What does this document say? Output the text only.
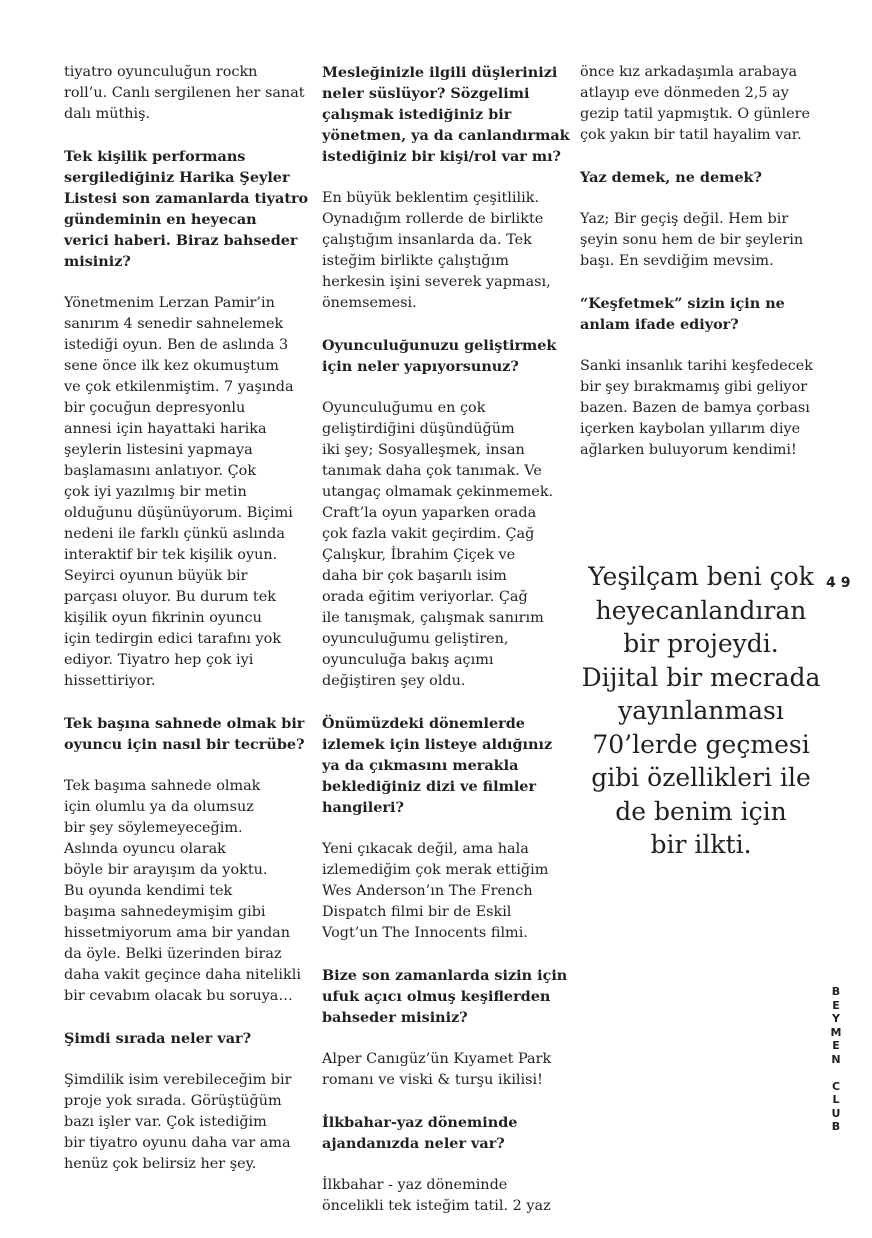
tiyatro oyunculuğun rockn
roll’u. Canlı sergilenen her sanat
dalı müthiş.

Tek kişilik performans
sergilediğiniz Harika Şeyler
Listesi son zamanlarda tiyatro
gündeminin en heyecan
verici haberi. Biraz bahseder
misiniz?

Yönetmenim Lerzan Pamir’in
sanırım 4 senedir sahnelemek
istediği oyun. Ben de aslında 3
sene önce ilk kez okumuştum
ve çok etkilenmiştim. 7 yaşında
bir çocuğun depresyonlu
annesi için hayattaki harika
şeylerin listesini yapmaya
başlamasını anlatıyor. Çok
çok iyi yazılmış bir metin
olduğunu düşünüyorum. Biçimi
nedeni ile farklı çünkü aslında
interaktif bir tek kişilik oyun.
Seyirci oyunun büyük bir
parçası oluyor. Bu durum tek
kişilik oyun fikrinin oyuncu
için tedirgin edici tarafını yok
ediyor. Tiyatro hep çok iyi
hissettiriyor.

Tek başına sahnede olmak bir
oyuncu için nasıl bir tecrübe?

Tek başıma sahnede olmak
için olumlu ya da olumsuz
bir şey söylemeyeceğim.
Aslında oyuncu olarak
böyle bir arayışım da yoktu.
Bu oyunda kendimi tek
başıma sahnedeymişim gibi
hissetmiyorum ama bir yandan
da öyle. Belki üzerinden biraz
daha vakit geçince daha nitelikli
bir cevabım olacak bu soruya…

Şimdi sırada neler var?

Şimdilik isim verebileceğim bir
proje yok sırada. Görüştüğüm
bazı işler var. Çok istediğim
bir tiyatro oyunu daha var ama
henüz çok belirsiz her şey.

Mesleğinizle ilgili düşlerinizi
neler süslüyor? Sözgelimi
çalışmak istediğiniz bir
yönetmen, ya da canlandırmak
istediğiniz bir kişi/rol var mı?

En büyük beklentim çeşitlilik.
Oynadığım rollerde de birlikte
çalıştığım insanlarda da. Tek
isteğim birlikte çalıştığım
herkesin işini severek yapması,
önemsemesi.

Oyunculuğunuzu geliştirmek
için neler yapıyorsunuz?

Oyunculuğumu en çok
geliştirdiğini düşündüğüm
iki şey; Sosyalleşmek, insan
tanımak daha çok tanımak. Ve
utangaç olmamak çekinmemek.
Craft’la oyun yaparken orada
çok fazla vakit geçirdim. Çağ
Çalışkur, İbrahim Çiçek ve
daha bir çok başarılı isim
orada eğitim veriyorlar. Çağ
ile tanışmak, çalışmak sanırım
oyunculuğumu geliştiren,
oyunculuğa bakış açımı
değiştiren şey oldu.

Önümüzdeki dönemlerde
izlemek için listeye aldığınız
ya da çıkmasını merakla
beklediğiniz dizi ve filmler
hangileri?

Yeni çıkacak değil, ama hala
izlemediğim çok merak ettiğim
Wes Anderson’ın The French
Dispatch filmi bir de Eskil
Vogt’un The Innocents filmi.

Bize son zamanlarda sizin için
ufuk açıcı olmuş keşiflerden
bahseder misiniz?

Alper Canıgüz’ün Kıyamet Park
romanı ve viski & turşu ikilisi!

İlkbahar-yaz döneminde
ajandanızda neler var?

İlkbahar - yaz döneminde
öncelikli tek isteğim tatil. 2 yaz

önce kız arkadaşımla arabaya
atlayıp eve dönmeden 2,5 ay
gezip tatil yapmıştık. O günlere
çok yakın bir tatil hayalim var.

Yaz demek, ne demek?

Yaz; Bir geçiş değil. Hem bir
şeyin sonu hem de bir şeylerin
başı. En sevdiğim mevsim.

“Keşfetmek” sizin için ne
anlam ifade ediyor?

Sanki insanlık tarihi keşfedecek
bir şey bırakmamış gibi geliyor
bazen. Bazen de bamya çorbası
içerken kaybolan yıllarım diye
ağlarken buluyorum kendimi!

Yeşilçam beni çok
heyecanlandıran
bir projeydi.
Dijital bir mecrada
yayınlanması
70’lerde geçmesi
gibi özellikleri ile
de benim için
bir ilkti.
49
B
E
Y
M
E
N

C
L
U
B
